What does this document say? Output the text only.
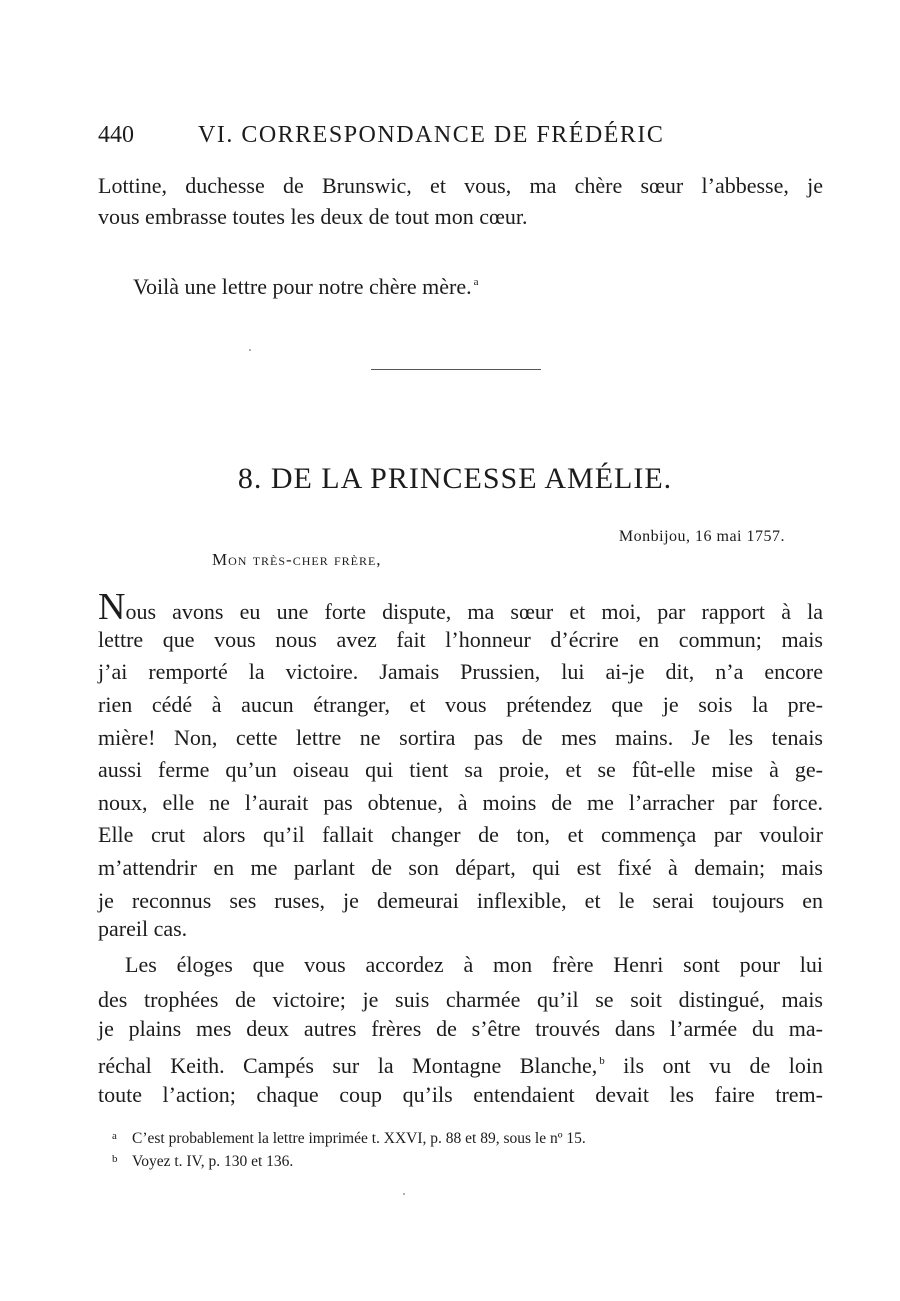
440	VI. CORRESPONDANCE DE FRÉDÉRIC
Lottine, duchesse de Brunswic, et vous, ma chère sœur l’abbesse, je
vous embrasse toutes les deux de tout mon cœur.
Voilà une lettre pour notre chère mère. $^a$
8. DE LA PRINCESSE AMÉLIE.
Monbijou, 16 mai 1757.
Mon très-cher frère,
Nous avons eu une forte dispute, ma sœur et moi, par rapport à la
lettre que vous nous avez fait l’honneur d’écrire en commun; mais
j’ai remporté la victoire. Jamais Prussien, lui ai-je dit, n’a encore
rien cédé à aucun étranger, et vous prétendez que je sois la pre-
mière! Non, cette lettre ne sortira pas de mes mains. Je les tenais
aussi ferme qu’un oiseau qui tient sa proie, et se fût-elle mise à ge-
noux, elle ne l’aurait pas obtenue, à moins de me l’arracher par force.
Elle crut alors qu’il fallait changer de ton, et commença par vouloir
m’attendrir en me parlant de son départ, qui est fixé à demain; mais
je reconnus ses ruses, je demeurai inflexible, et le serai toujours en
pareil cas.
Les éloges que vous accordez à mon frère Henri sont pour lui
des trophées de victoire; je suis charmée qu’il se soit distingué, mais
je plains mes deux autres frères de s’être trouvés dans l’armée du ma-
réchal Keith. Campés sur la Montagne Blanche, $^b$ ils ont vu de loin
toute l’action; chaque coup qu’ils entendaient devait les faire trem-
a C’est probablement la lettre imprimée t. XXVI, p. 88 et 89, sous le nº 15.
b Voyez t. IV, p. 130 et 136.
